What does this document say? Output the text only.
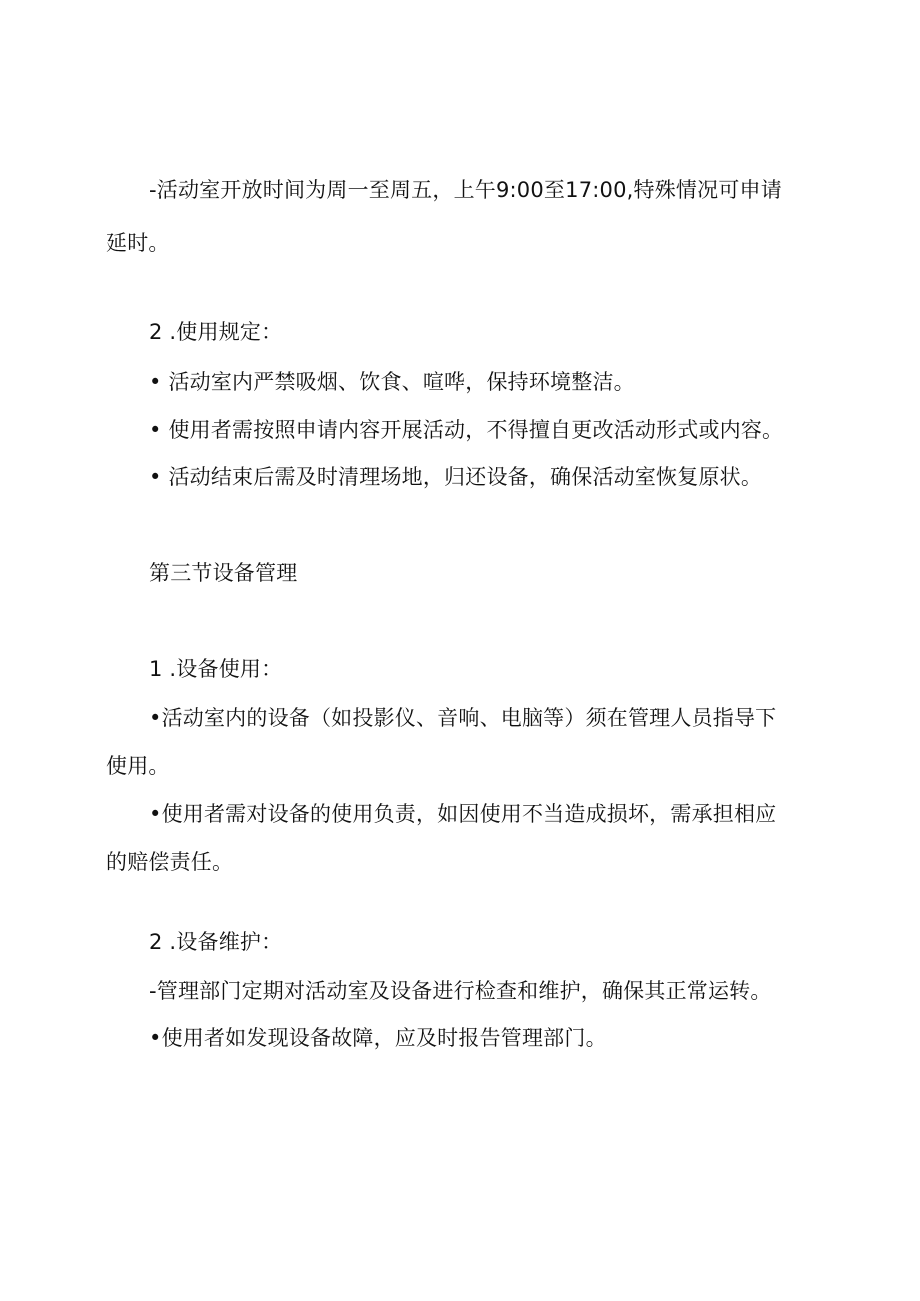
-活动室开放时间为周一至周五，上午9:00至17:00,特殊情况可申请
延时。
2 .使用规定：
• 活动室内严禁吸烟、饮食、喧哗，保持环境整洁。
• 使用者需按照申请内容开展活动，不得擅自更改活动形式或内容。
• 活动结束后需及时清理场地，归还设备，确保活动室恢复原状。
第三节设备管理
1 .设备使用：
•活动室内的设备（如投影仪、音响、电脑等）须在管理人员指导下
使用。
•使用者需对设备的使用负责，如因使用不当造成损坏，需承担相应
的赔偿责任。
2 .设备维护：
-管理部门定期对活动室及设备进行检查和维护，确保其正常运转。
•使用者如发现设备故障，应及时报告管理部门。
